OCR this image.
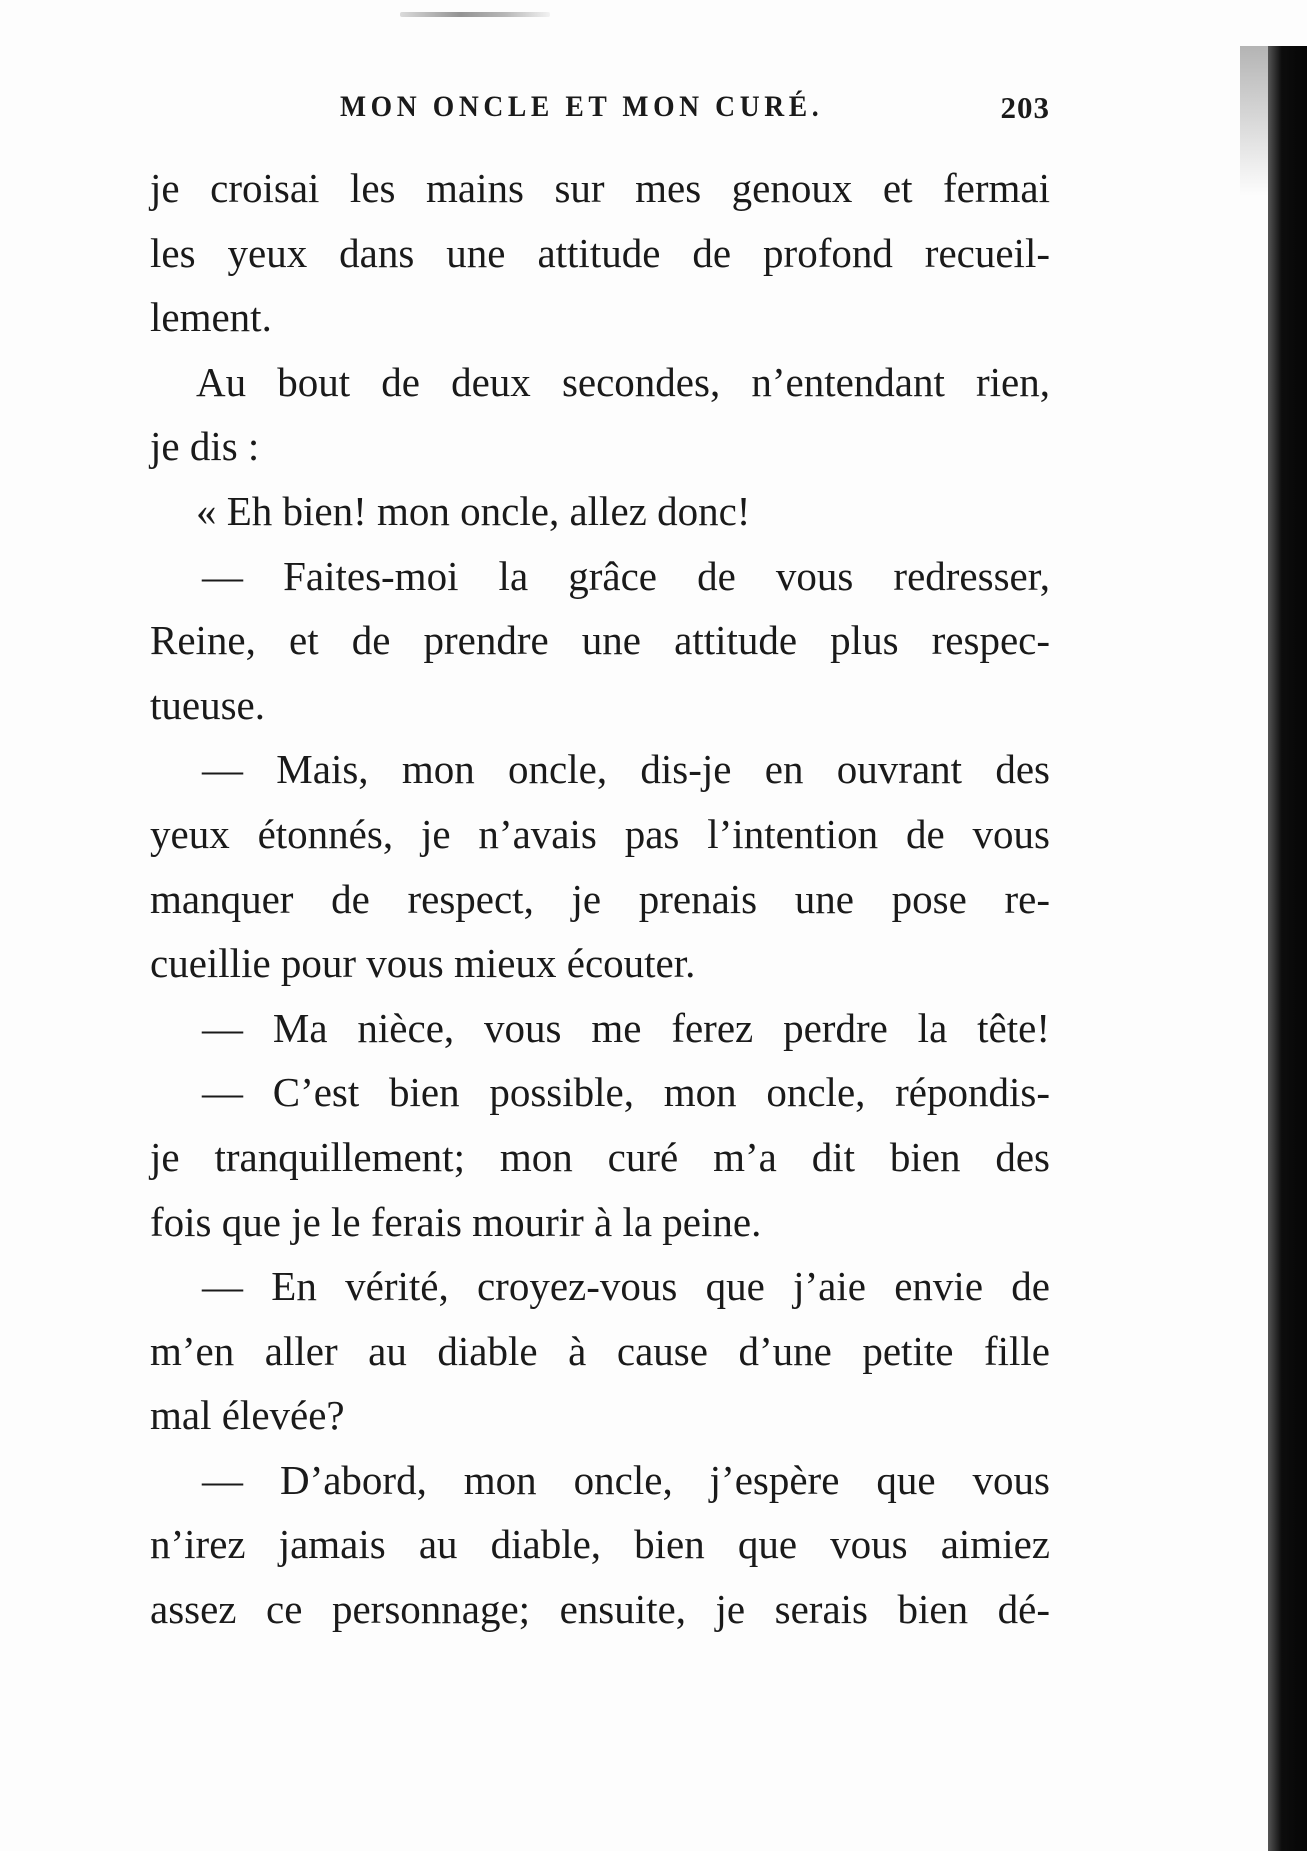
MON ONCLE ET MON CURÉ.	203
je croisai les mains sur mes genoux et fermai
les yeux dans une attitude de profond recueil-
lement.
Au bout de deux secondes, n’entendant rien,
je dis :
« Eh bien! mon oncle, allez donc!
— Faites-moi la grâce de vous redresser,
Reine, et de prendre une attitude plus respec-
tueuse.
— Mais, mon oncle, dis-je en ouvrant des
yeux étonnés, je n’avais pas l’intention de vous
manquer de respect, je prenais une pose re-
cueillie pour vous mieux écouter.
— Ma nièce, vous me ferez perdre la tête!
— C’est bien possible, mon oncle, répondis-
je tranquillement; mon curé m’a dit bien des
fois que je le ferais mourir à la peine.
— En vérité, croyez-vous que j’aie envie de
m’en aller au diable à cause d’une petite fille
mal élevée?
— D’abord, mon oncle, j’espère que vous
n’irez jamais au diable, bien que vous aimiez
assez ce personnage; ensuite, je serais bien dé-
